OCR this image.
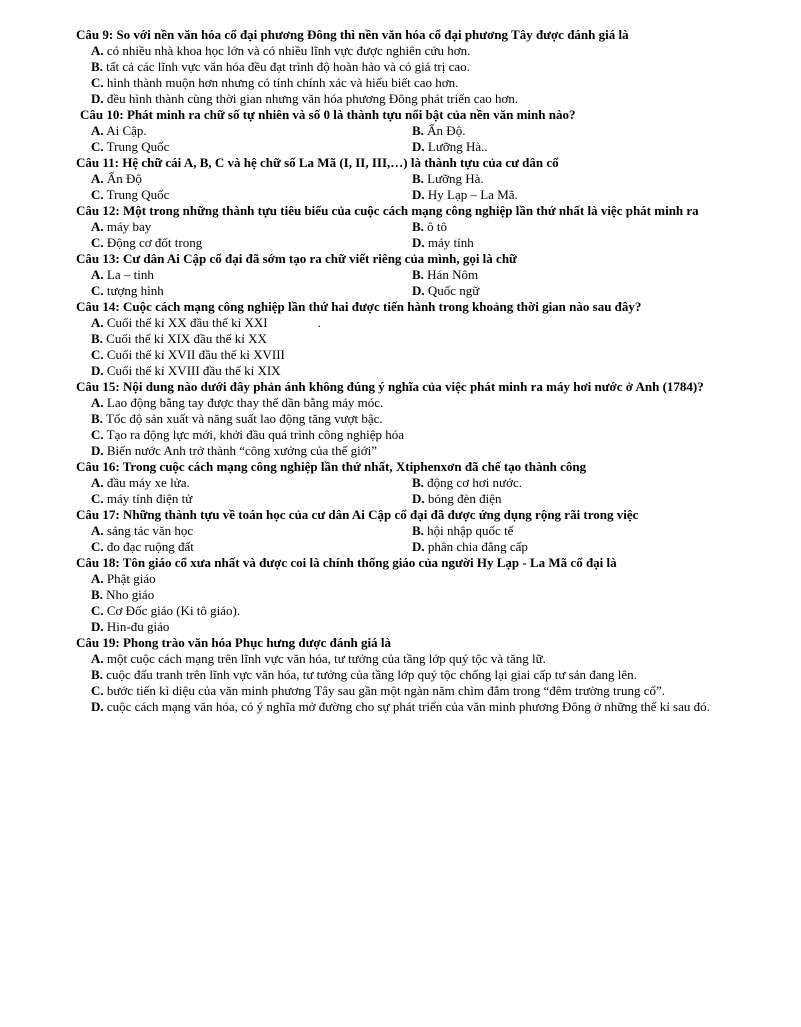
Câu 9: So với nền văn hóa cổ đại phương Đông thì nền văn hóa cổ đại phương Tây được đánh giá là

A. có nhiều nhà khoa học lớn và có nhiều lĩnh vực được nghiên cứu hơn.
B. tất cả các lĩnh vực văn hóa đều đạt trình độ hoàn hảo và có giá trị cao.
C. hình thành muộn hơn nhưng có tính chính xác và hiểu biết cao hơn.
D. đều hình thành cùng thời gian nhưng văn hóa phương Đông phát triển cao hơn.

Câu 10: Phát minh ra chữ số tự nhiên và số 0 là thành tựu nổi bật của nền văn minh nào?

A. Ai Cập.	B. Ấn Độ.
C. Trung Quốc	D. Lưỡng Hà..

Câu 11: Hệ chữ cái A, B, C và hệ chữ số La Mã (I, II, III,…) là thành tựu của cư dân cổ

A. Ấn Độ	B. Lưỡng Hà.
C. Trung Quốc	D. Hy Lạp – La Mã.

Câu 12: Một trong những thành tựu tiêu biểu của cuộc cách mạng công nghiệp lần thứ nhất là việc phát minh ra

A. máy bay	B. ô tô
C. Động cơ đốt trong	D. máy tính

Câu 13: Cư dân Ai Cập cổ đại đã sớm tạo ra chữ viết riêng của mình, gọi là chữ

A. La – tinh	B. Hán Nôm
C. tượng hình	D. Quốc ngữ

Câu 14: Cuộc cách mạng công nghiệp lần thứ hai được tiến hành trong khoảng thời gian nào sau đây?

A. Cuối thế kỉ XX đầu thế kỉ XXI	.
B. Cuối thế kỉ XIX đầu thế kỉ XX
C. Cuối thế kỉ XVII đầu thế kỉ XVIII
D. Cuối thế kỉ XVIII đầu thế kỉ XIX

Câu 15: Nội dung nào dưới đây phản ánh không đúng ý nghĩa của việc phát minh ra máy hơi nước ở Anh (1784)?

A. Lao động bằng tay được thay thế dần bằng máy móc.
B. Tốc độ sản xuất và năng suất lao động tăng vượt bậc.
C. Tạo ra động lực mới, khởi đầu quá trình công nghiệp hóa
D. Biến nước Anh trở thành “công xưởng của thế giới”

Câu 16: Trong cuộc cách mạng công nghiệp lần thứ nhất, Xtiphenxơn đã chế tạo thành công

A. đầu máy xe lửa.	B. động cơ hơi nước.
C. máy tính điện tử	D. bóng đèn điện

Câu 17: Những thành tựu về toán học của cư dân Ai Cập cổ đại đã được ứng dụng rộng rãi trong việc

A. sáng tác văn học	B. hội nhập quốc tế
C. đo đạc ruộng đất	D. phân chia đẳng cấp

Câu 18: Tôn giáo cổ xưa nhất và được coi là chính thống giáo của người Hy Lạp - La Mã cổ đại là

A. Phật giáo
B. Nho giáo
C. Cơ Đốc giáo (Ki tô giáo).
D. Hin-đu giáo

Câu 19: Phong trào văn hóa Phục hưng được đánh giá là

A. một cuộc cách mạng trên lĩnh vực văn hóa, tư tưởng của tầng lớp quý tộc và tăng lữ.
B. cuộc đấu tranh trên lĩnh vực văn hóa, tư tưởng của tầng lớp quý tộc chống lại giai cấp tư sản đang lên.
C. bước tiến kì diệu của văn minh phương Tây sau gần một ngàn năm chìm đắm trong “đêm trường trung cổ”.
D. cuộc cách mạng văn hóa, có ý nghĩa mở đường cho sự phát triển của văn minh phương Đông ở những thế kỉ sau đó.
